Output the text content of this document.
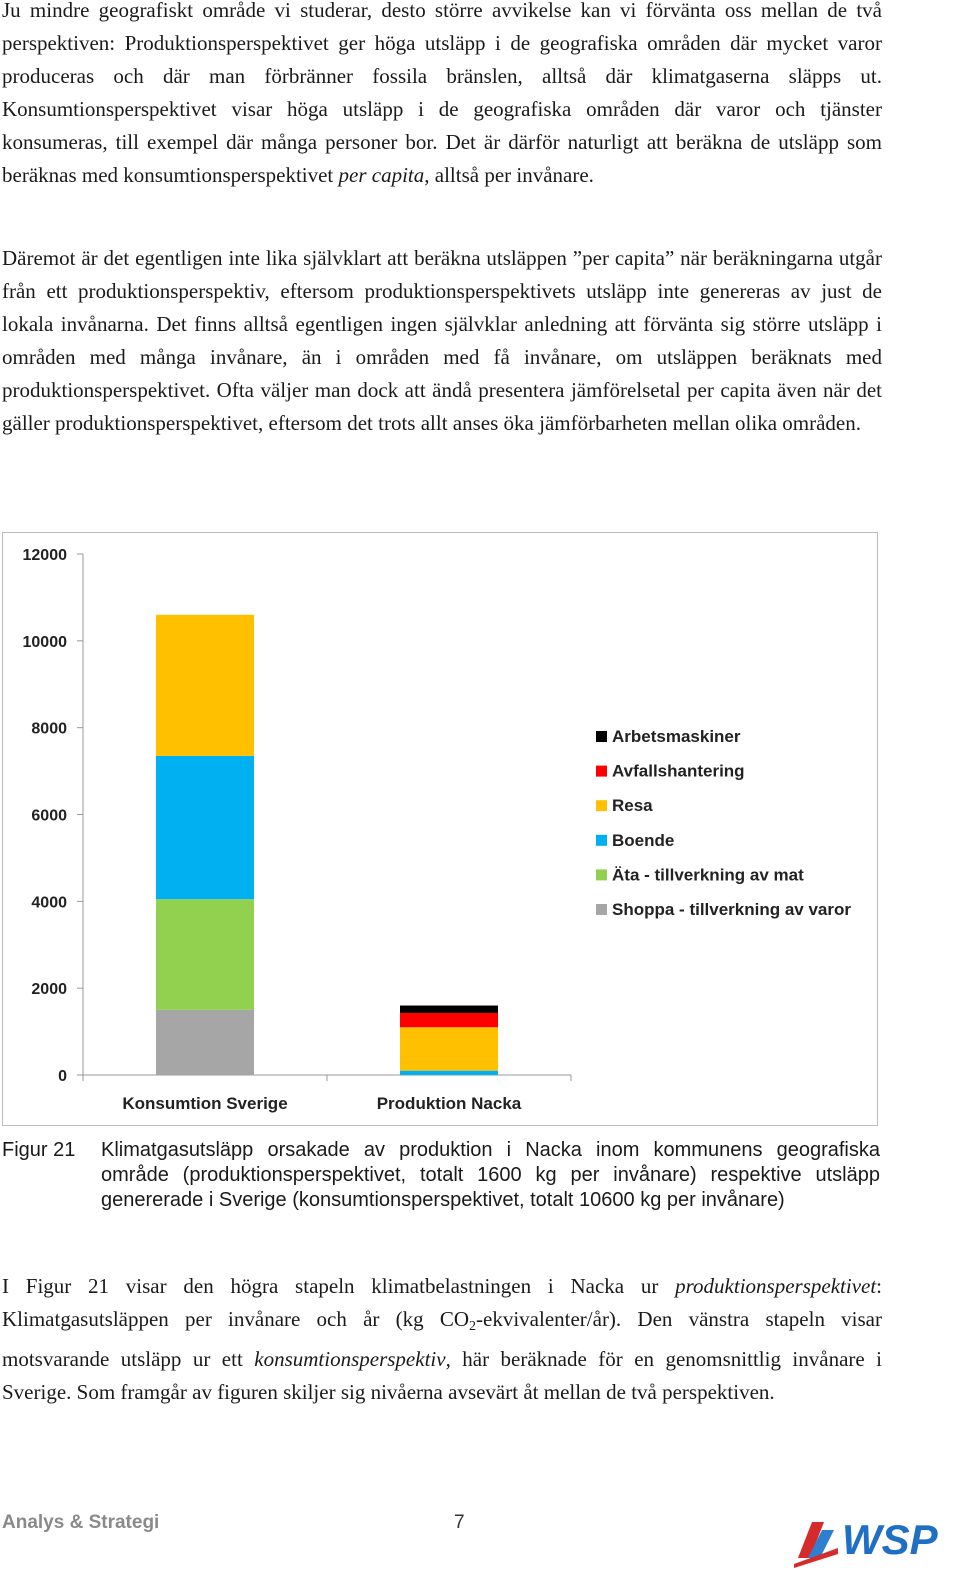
Ju mindre geografiskt område vi studerar, desto större avvikelse kan vi förvänta oss mellan de två perspektiven: Produktionsperspektivet ger höga utsläpp i de geografiska områden där mycket varor produceras och där man förbränner fossila bränslen, alltså där klimatgaserna släpps ut. Konsumtionsperspektivet visar höga utsläpp i de geografiska områden där varor och tjänster konsumeras, till exempel där många personer bor. Det är därför naturligt att beräkna de utsläpp som beräknas med konsumtionsperspektivet per capita, alltså per invånare.
Däremot är det egentligen inte lika självklart att beräkna utsläppen ”per capita” när beräkningarna utgår från ett produktionsperspektiv, eftersom produktionsperspektivets utsläpp inte genereras av just de lokala invånarna. Det finns alltså egentligen ingen självklar anledning att förvänta sig större utsläpp i områden med många invånare, än i områden med få invånare, om utsläppen beräknats med produktionsperspektivet. Ofta väljer man dock att ändå presentera jämförelsetal per capita även när det gäller produktionsperspektivet, eftersom det trots allt anses öka jämförbarheten mellan olika områden.
0
2000
4000
6000
8000
10000
12000
Konsumtion Sverige	Produktion Nacka
Arbetsmaskiner
Avfallshantering
Resa
Boende
Äta - tillverkning av mat
Shoppa - tillverkning av varor
Figur 21 Klimatgasutsläpp orsakade av produktion i Nacka inom kommunens geografiska område (produktionsperspektivet, totalt 1600 kg per invånare) respektive utsläpp genererade i Sverige (konsumtionsperspektivet, totalt 10600 kg per invånare)
I Figur 21 visar den högra stapeln klimatbelastningen i Nacka ur produktionsperspektivet: Klimatgasutsläppen per invånare och år (kg $CO_2-ekvivalenter/år$). Den vänstra stapeln visar motsvarande utsläpp ur ett konsumtionsperspektiv, här beräknade för en genomsnittlig invånare i Sverige. Som framgår av figuren skiljer sig nivåerna avsevärt åt mellan de två perspektiven.
Analys & Strategi	7	WSP
